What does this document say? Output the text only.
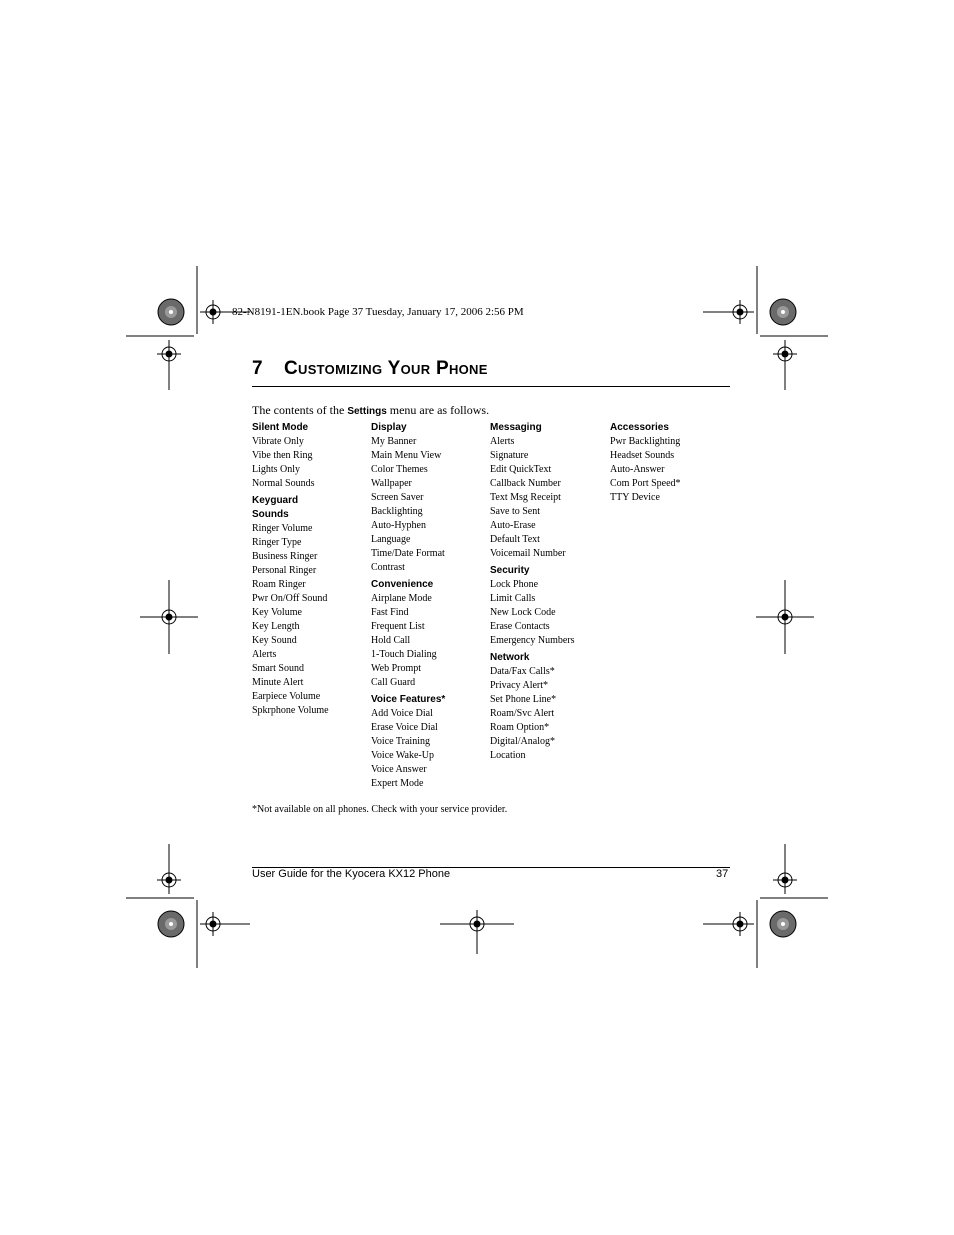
82-N8191-1EN.book Page 37 Tuesday, January 17, 2006 2:56 PM
7 Customizing Your Phone
The contents of the Settings menu are as follows.
Silent Mode
Vibrate Only
Vibe then Ring
Lights Only
Normal Sounds
Keyguard
Sounds
Ringer Volume
Ringer Type
Business Ringer
Personal Ringer
Roam Ringer
Pwr On/Off Sound
Key Volume
Key Length
Key Sound
Alerts
Smart Sound
Minute Alert
Earpiece Volume
Spkrphone Volume
Display
My Banner
Main Menu View
Color Themes
Wallpaper
Screen Saver
Backlighting
Auto-Hyphen
Language
Time/Date Format
Contrast
Convenience
Airplane Mode
Fast Find
Frequent List
Hold Call
1-Touch Dialing
Web Prompt
Call Guard
Voice Features*
Add Voice Dial
Erase Voice Dial
Voice Training
Voice Wake-Up
Voice Answer
Expert Mode
Messaging
Alerts
Signature
Edit QuickText
Callback Number
Text Msg Receipt
Save to Sent
Auto-Erase
Default Text
Voicemail Number
Security
Lock Phone
Limit Calls
New Lock Code
Erase Contacts
Emergency Numbers
Network
Data/Fax Calls*
Privacy Alert*
Set Phone Line*
Roam/Svc Alert
Roam Option*
Digital/Analog*
Location
Accessories
Pwr Backlighting
Headset Sounds
Auto-Answer
Com Port Speed*
TTY Device
*Not available on all phones. Check with your service provider.
User Guide for the Kyocera KX12 Phone	37
